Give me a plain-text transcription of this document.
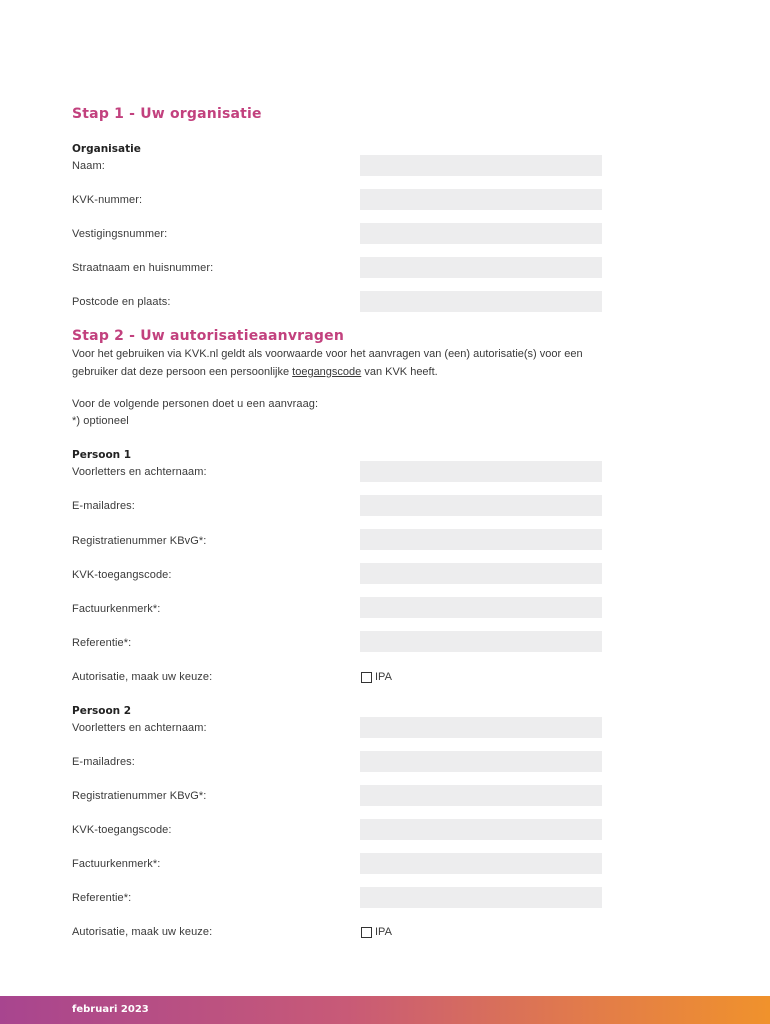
Stap 1 - Uw organisatie
Organisatie
Naam:
KVK-nummer:
Vestigingsnummer:
Straatnaam en huisnummer:
Postcode en plaats:
Stap 2 - Uw autorisatieaanvragen
Voor het gebruiken via KVK.nl geldt als voorwaarde voor het aanvragen van (een) autorisatie(s) voor een gebruiker dat deze persoon een persoonlijke toegangscode van KVK heeft.
Voor de volgende personen doet u een aanvraag:
*) optioneel
Persoon 1
Voorletters en achternaam:
E-mailadres:
Registratienummer KBvG*:
KVK-toegangscode:
Factuurkenmerk*:
Referentie*:
Autorisatie, maak uw keuze:	IPA
Persoon 2
Voorletters en achternaam:
E-mailadres:
Registratienummer KBvG*:
KVK-toegangscode:
Factuurkenmerk*:
Referentie*:
Autorisatie, maak uw keuze:	IPA
februari 2023
